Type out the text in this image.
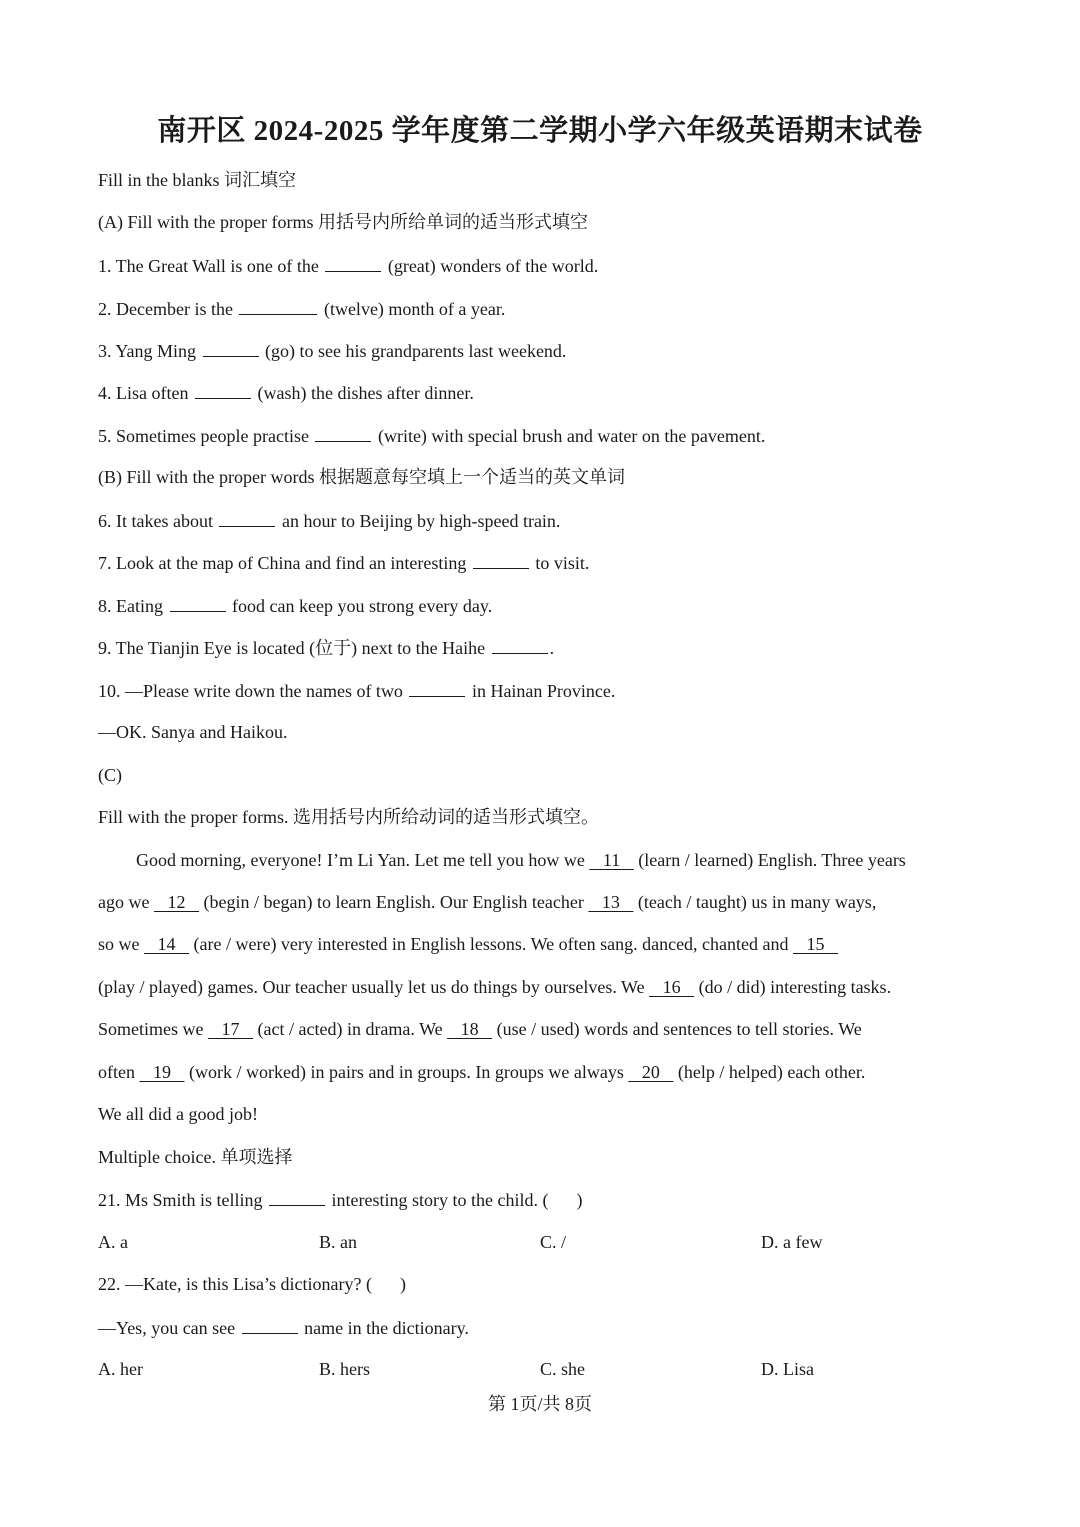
南开区 2024-2025 学年度第二学期小学六年级英语期末试卷
Fill in the blanks 词汇填空
(A) Fill with the proper forms 用括号内所给单词的适当形式填空
1. The Great Wall is one of the	(great) wonders of the world.
2. December is the	(twelve) month of a year.
3. Yang Ming	(go) to see his grandparents last weekend.
4. Lisa often	(wash) the dishes after dinner.
5. Sometimes people practise	(write) with special brush and water on the pavement.
(B) Fill with the proper words 根据题意每空填上一个适当的英文单词
6. It takes about	an hour to Beijing by high-speed train.
7. Look at the map of China and find an interesting	to visit.
8. Eating	food can keep you strong every day.
9. The Tianjin Eye is located (位于) next to the Haihe	.
10. —Please write down the names of two	in Hainan Province.
—OK. Sanya and Haikou.
(C)
Fill with the proper forms. 选用括号内所给动词的适当形式填空。
Good morning, everyone! I’m Li Yan. Let me tell you how we    11    (learn / learned) English. Three years
ago we    12    (begin / began) to learn English. Our English teacher    13    (teach / taught) us in many ways,
so we    14    (are / were) very interested in English lessons. We often sang. danced, chanted and    15
(play / played) games. Our teacher usually let us do things by ourselves. We    16    (do / did) interesting tasks.
Sometimes we    17    (act / acted) in drama. We    18    (use / used) words and sentences to tell stories. We
often    19    (work / worked) in pairs and in groups. In groups we always    20    (help / helped) each other.
We all did a good job!
Multiple choice. 单项选择
21. Ms Smith is telling	interesting story to the child. ( )
A. a	B. an	C. /	D. a few
22. —Kate, is this Lisa’s dictionary? ( )
—Yes, you can see	name in the dictionary.
A. her	B. hers	C. she	D. Lisa
第 1页/共 8页
